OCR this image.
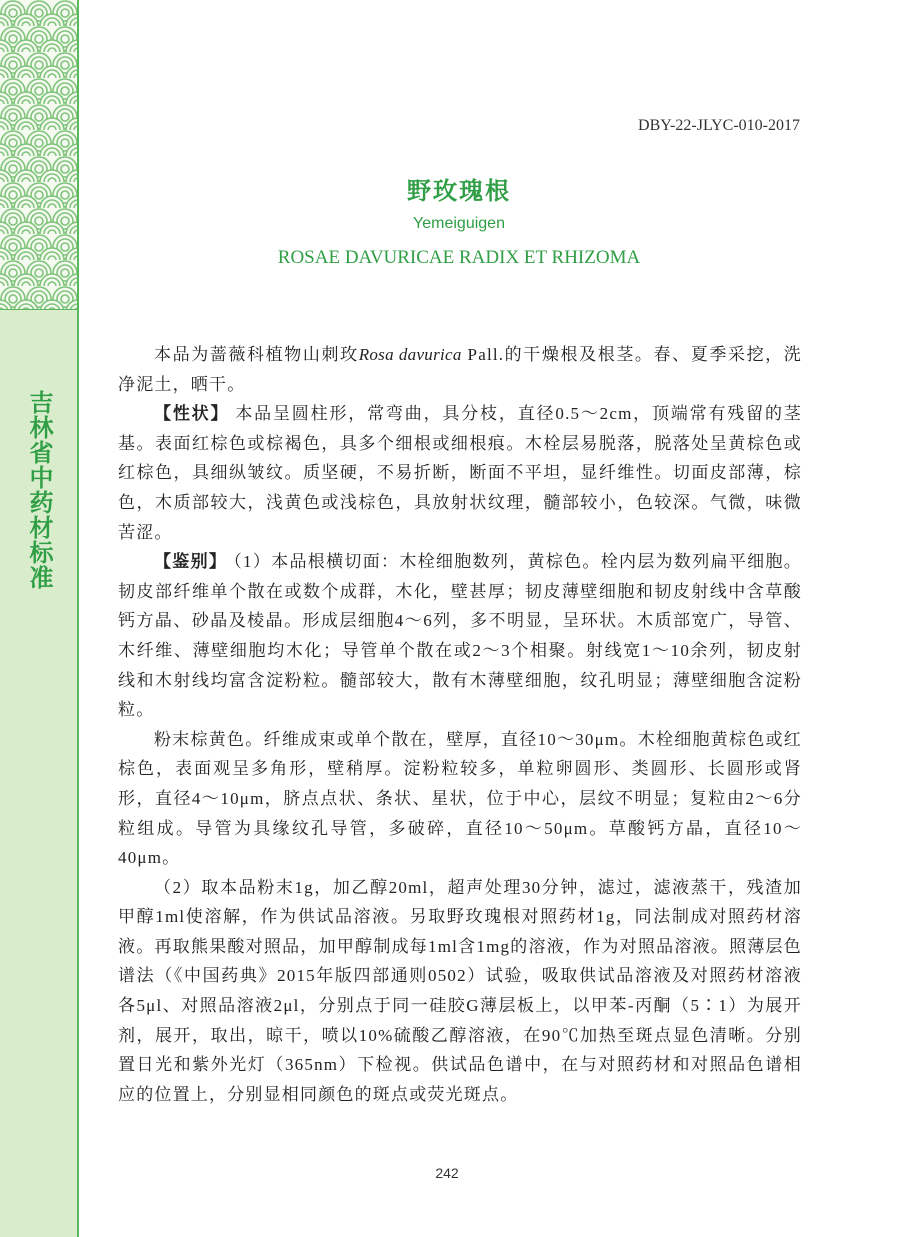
吉林省中药材标准
DBY-22-JLYC-010-2017
野玫瑰根
Yemeiguigen
ROSAE DAVURICAE RADIX ET RHIZOMA

本品为蔷薇科植物山刺玫Rosa davurica Pall.的干燥根及根茎。春、夏季采挖，洗净泥土，晒干。

【性状】 本品呈圆柱形，常弯曲，具分枝，直径0.5～2cm，顶端常有残留的茎基。表面红棕色或棕褐色，具多个细根或细根痕。木栓层易脱落，脱落处呈黄棕色或红棕色，具细纵皱纹。质坚硬，不易折断，断面不平坦，显纤维性。切面皮部薄，棕色，木质部较大，浅黄色或浅棕色，具放射状纹理，髓部较小，色较深。气微，味微苦涩。

【鉴别】 （1）本品根横切面：木栓细胞数列，黄棕色。栓内层为数列扁平细胞。韧皮部纤维单个散在或数个成群，木化，壁甚厚；韧皮薄壁细胞和韧皮射线中含草酸钙方晶、砂晶及棱晶。形成层细胞4～6列，多不明显，呈环状。木质部宽广，导管、木纤维、薄壁细胞均木化；导管单个散在或2～3个相聚。射线宽1～10余列，韧皮射线和木射线均富含淀粉粒。髓部较大，散有木薄壁细胞，纹孔明显；薄壁细胞含淀粉粒。

粉末棕黄色。纤维成束或单个散在，壁厚，直径10～30μm。木栓细胞黄棕色或红棕色，表面观呈多角形，壁稍厚。淀粉粒较多，单粒卵圆形、类圆形、长圆形或肾形，直径4～10μm，脐点点状、条状、星状，位于中心，层纹不明显；复粒由2～6分粒组成。导管为具缘纹孔导管，多破碎，直径10～50μm。草酸钙方晶，直径10～40μm。

（2）取本品粉末1g，加乙醇20ml，超声处理30分钟，滤过，滤液蒸干，残渣加甲醇1ml使溶解，作为供试品溶液。另取野玫瑰根对照药材1g，同法制成对照药材溶液。再取熊果酸对照品，加甲醇制成每1ml含1mg的溶液，作为对照品溶液。照薄层色谱法（《中国药典》2015年版四部通则0502）试验，吸取供试品溶液及对照药材溶液各5μl、对照品溶液2μl，分别点于同一硅胶G薄层板上，以甲苯-丙酮（5∶1）为展开剂，展开，取出，晾干，喷以10%硫酸乙醇溶液，在90℃加热至斑点显色清晰。分别置日光和紫外光灯（365nm）下检视。供试品色谱中，在与对照药材和对照品色谱相应的位置上，分别显相同颜色的斑点或荧光斑点。

242
